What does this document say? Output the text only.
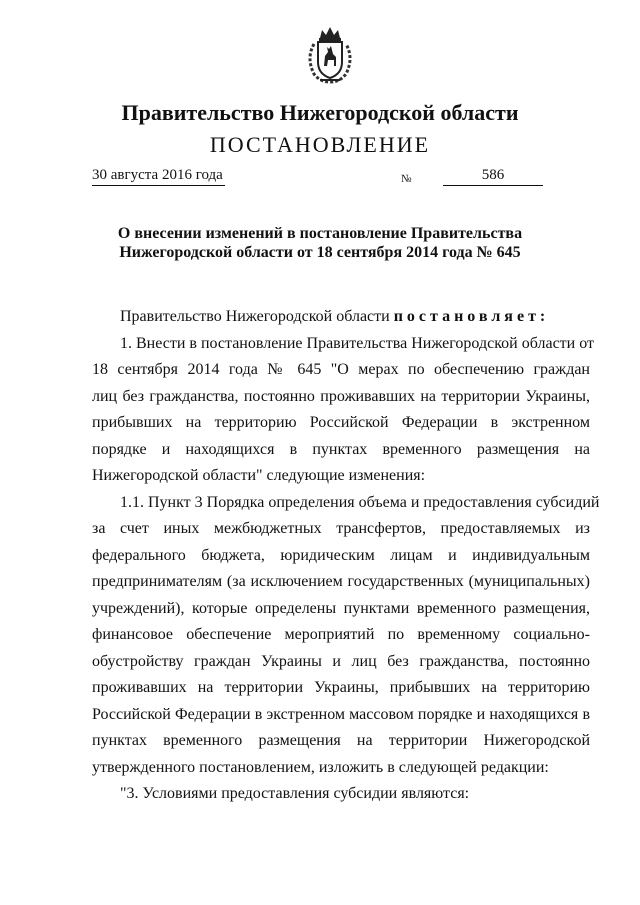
Правительство Нижегородской области
ПОСТАНОВЛЕНИЕ
30 августа 2016 года	№	586
О внесении изменений в постановление Правительства
Нижегородской области от 18 сентября 2014 года № 645
Правительство Нижегородской области постановляет:
1. Внести в постановление Правительства Нижегородской области от
18 сентября 2014 года № 645 "О мерах по обеспечению граждан
лиц без гражданства, постоянно проживавших на территории Украины,
прибывших на территорию Российской Федерации в экстренном
порядке и находящихся в пунктах временного размещения на
Нижегородской области" следующие изменения:
1.1. Пункт 3 Порядка определения объема и предоставления субсидий
за счет иных межбюджетных трансфертов, предоставляемых из
федерального бюджета, юридическим лицам и индивидуальным
предпринимателям (за исключением государственных (муниципальных)
учреждений), которые определены пунктами временного размещения,
финансовое обеспечение мероприятий по временному социально-
обустройству граждан Украины и лиц без гражданства, постоянно
проживавших на территории Украины, прибывших на территорию
Российской Федерации в экстренном массовом порядке и находящихся в
пунктах временного размещения на территории Нижегородской
утвержденного постановлением, изложить в следующей редакции:
"3. Условиями предоставления субсидии являются:
